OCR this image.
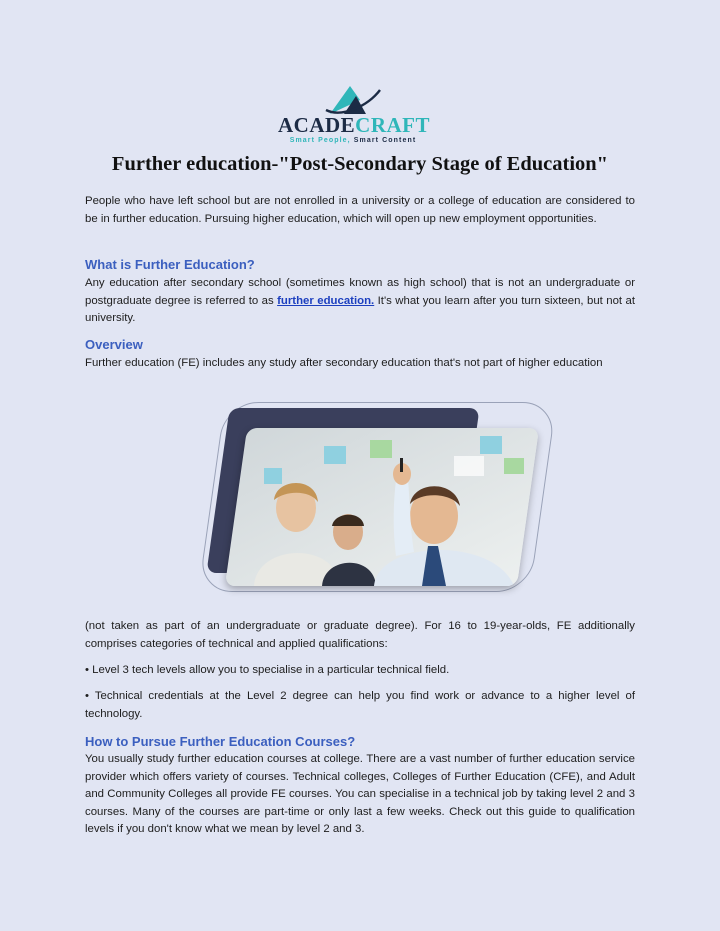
ACADECRAFT
Smart People, Smart Content
Further education-"Post-Secondary Stage of Education"

People who have left school but are not enrolled in a university or a college of education are considered to be in further education. Pursuing higher education, which will open up new employment opportunities.

What is Further Education?

Any education after secondary school (sometimes known as high school) that is not an undergraduate or postgraduate degree is referred to as further education. It's what you learn after you turn sixteen, but not at university.

Overview

Further education (FE) includes any study after secondary education that's not part of higher education

(not taken as part of an undergraduate or graduate degree). For 16 to 19-year-olds, FE additionally comprises categories of technical and applied qualifications:

• Level 3 tech levels allow you to specialise in a particular technical field.

• Technical credentials at the Level 2 degree can help you find work or advance to a higher level of technology.

How to Pursue Further Education Courses?

You usually study further education courses at college. There are a vast number of further education service provider which offers variety of courses. Technical colleges, Colleges of Further Education (CFE), and Adult and Community Colleges all provide FE courses. You can specialise in a technical job by taking level 2 and 3 courses. Many of the courses are part-time or only last a few weeks. Check out this guide to qualification levels if you don't know what we mean by level 2 and 3.
